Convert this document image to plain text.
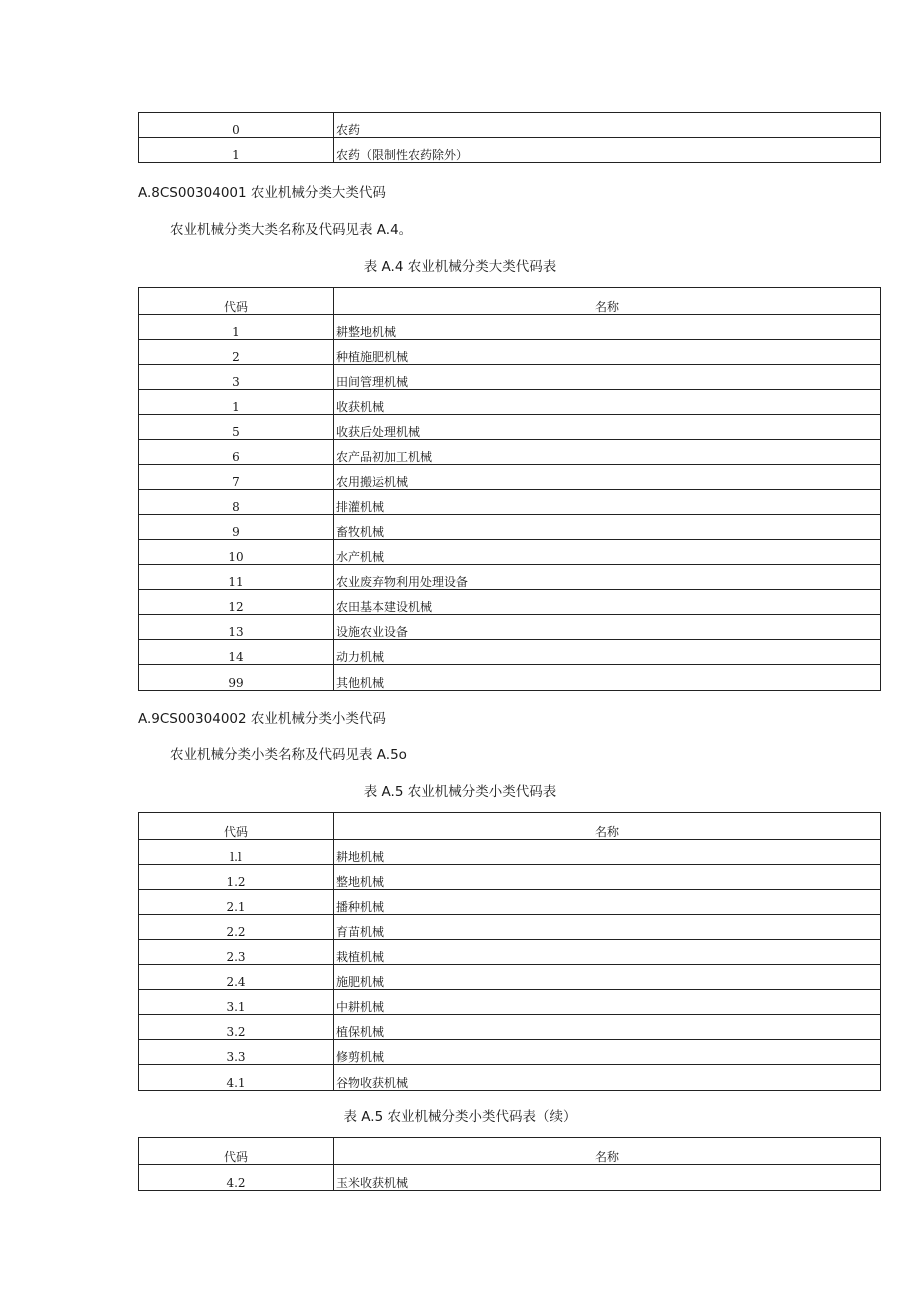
0	农药
1	农药（限制性农药除外）
A.8CS00304001 农业机械分类大类代码
农业机械分类大类名称及代码见表 A.4。
表 A.4 农业机械分类大类代码表
代码	名称
1	耕整地机械
2	种植施肥机械
3	田间管理机械
1	收获机械
5	收获后处理机械
6	农产品初加工机械
7	农用搬运机械
8	排灌机械
9	畜牧机械
10	水产机械
11	农业废弃物利用处理设备
12	农田基本建设机械
13	设施农业设备
14	动力机械
99	其他机械
A.9CS00304002 农业机械分类小类代码
农业机械分类小类名称及代码见表 A.5o
表 A.5 农业机械分类小类代码表
代码	名称
l.l	耕地机械
1.2	整地机械
2.1	播种机械
2.2	育苗机械
2.3	栽植机械
2.4	施肥机械
3.1	中耕机械
3.2	植保机械
3.3	修剪机械
4.1	谷物收获机械
表 A.5 农业机械分类小类代码表（续）
代码	名称
4.2	玉米收获机械
